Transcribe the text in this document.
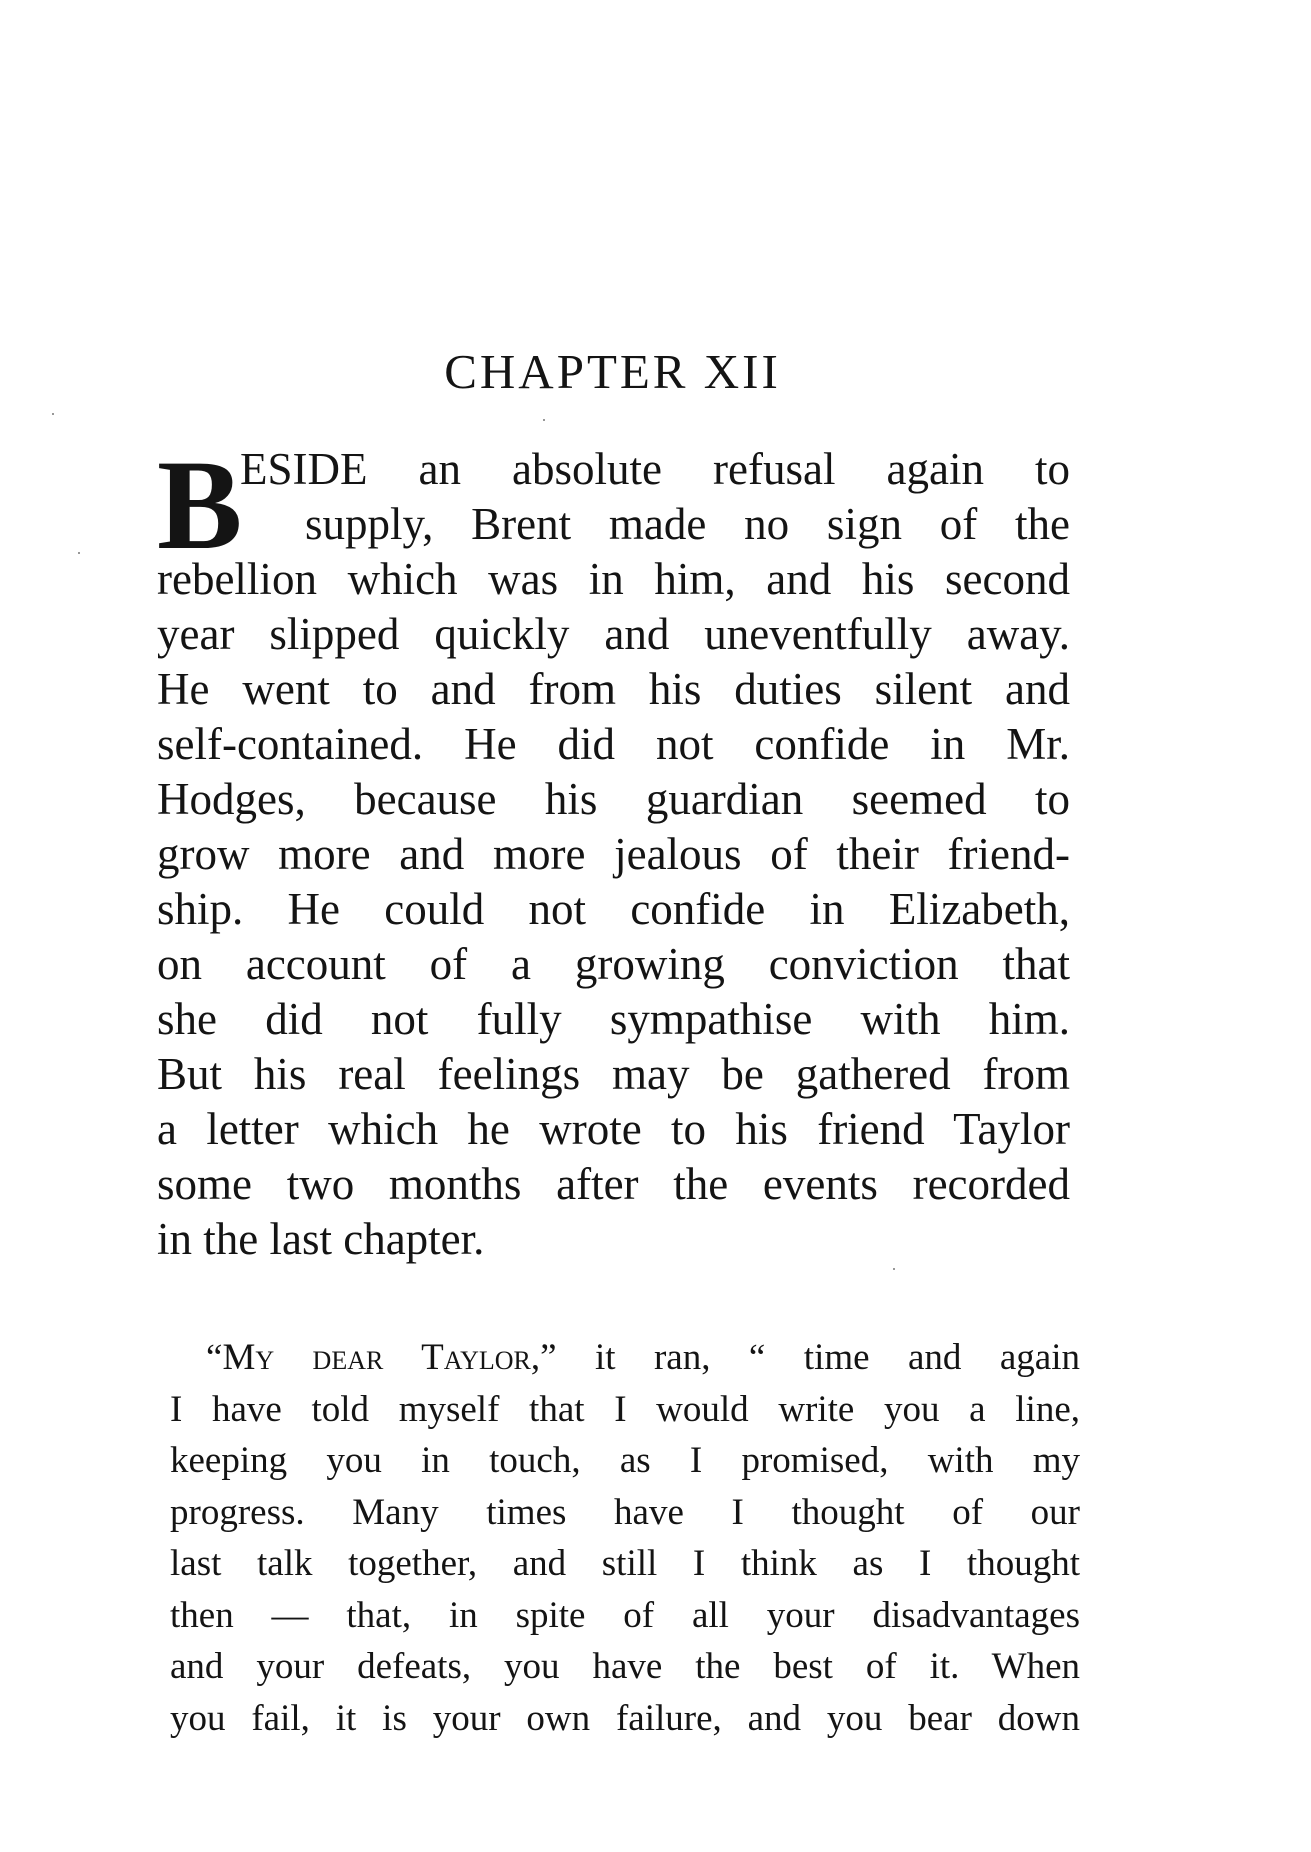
CHAPTER XII
B
ESIDE an absolute refusal again to
supply, Brent made no sign of the
rebellion which was in him, and his second
year slipped quickly and uneventfully away.
He went to and from his duties silent and
self-contained. He did not confide in Mr.
Hodges, because his guardian seemed to
grow more and more jealous of their friend-
ship. He could not confide in Elizabeth,
on account of a growing conviction that
she did not fully sympathise with him.
But his real feelings may be gathered from
a letter which he wrote to his friend Taylor
some two months after the events recorded
in the last chapter.
“My dear Taylor,” it ran, “ time and again
I have told myself that I would write you a line,
keeping you in touch, as I promised, with my
progress. Many times have I thought of our
last talk together, and still I think as I thought
then — that, in spite of all your disadvantages
and your defeats, you have the best of it. When
you fail, it is your own failure, and you bear down
